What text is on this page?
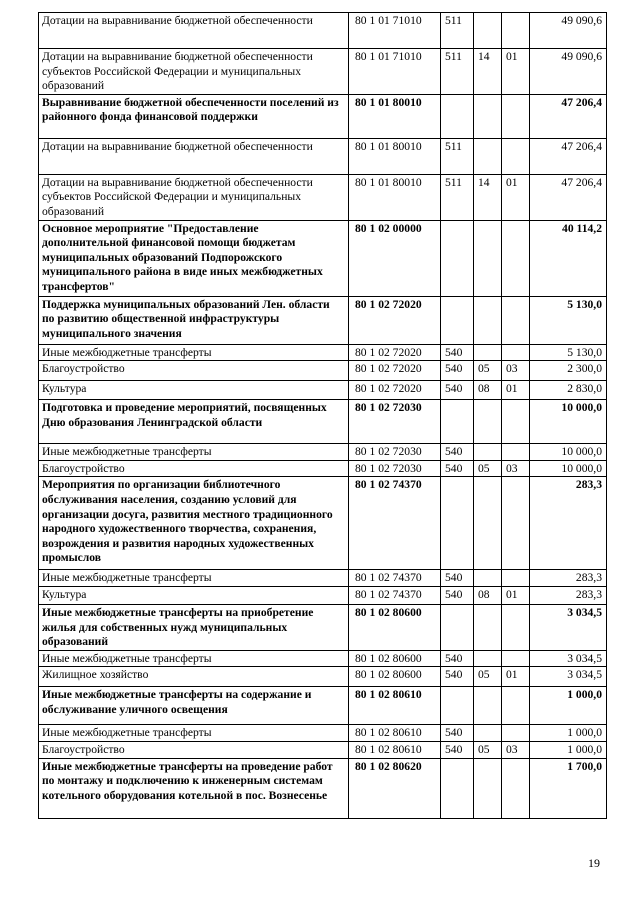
Дотации на выравнивание бюджетной обеспеченности	80 1 01 71010	511			49 090,6
Дотации на выравнивание бюджетной обеспеченности субъектов Российской Федерации и муниципальных образований	80 1 01 71010	511	14	01	49 090,6
Выравнивание бюджетной обеспеченности поселений из районного фонда финансовой поддержки	80 1 01 80010				47 206,4
Дотации на выравнивание бюджетной обеспеченности	80 1 01 80010	511			47 206,4
Дотации на выравнивание бюджетной обеспеченности субъектов Российской Федерации и муниципальных образований	80 1 01 80010	511	14	01	47 206,4
Основное мероприятие "Предоставление дополнительной финансовой помощи бюджетам муниципальных образований Подпорожского муниципального района в виде иных межбюджетных трансфертов"	80 1 02 00000				40 114,2
Поддержка муниципальных образований Лен. области по развитию общественной инфраструктуры муниципального значения	80 1 02 72020				5 130,0
Иные межбюджетные трансферты	80 1 02 72020	540			5 130,0
Благоустройство	80 1 02 72020	540	05	03	2 300,0
Культура	80 1 02 72020	540	08	01	2 830,0
Подготовка и проведение мероприятий, посвященных Дню образования Ленинградской области	80 1 02 72030				10 000,0
Иные межбюджетные трансферты	80 1 02 72030	540			10 000,0
Благоустройство	80 1 02 72030	540	05	03	10 000,0
Мероприятия по организации библиотечного обслуживания населения, созданию условий для организации досуга, развития местного традиционного народного художественного творчества, сохранения, возрождения и развития народных художественных промыслов	80 1 02 74370				283,3
Иные межбюджетные трансферты	80 1 02 74370	540			283,3
Культура	80 1 02 74370	540	08	01	283,3
Иные межбюджетные трансферты на приобретение жилья для собственных нужд муниципальных образований	80 1 02 80600				3 034,5
Иные межбюджетные трансферты	80 1 02 80600	540			3 034,5
Жилищное хозяйство	80 1 02 80600	540	05	01	3 034,5
Иные межбюджетные трансферты на содержание и обслуживание уличного освещения	80 1 02 80610				1 000,0
Иные межбюджетные трансферты	80 1 02 80610	540			1 000,0
Благоустройство	80 1 02 80610	540	05	03	1 000,0
Иные межбюджетные трансферты на проведение работ по монтажу и подключению к инженерным системам котельного оборудования котельной в пос. Вознесенье	80 1 02 80620				1 700,0
19
